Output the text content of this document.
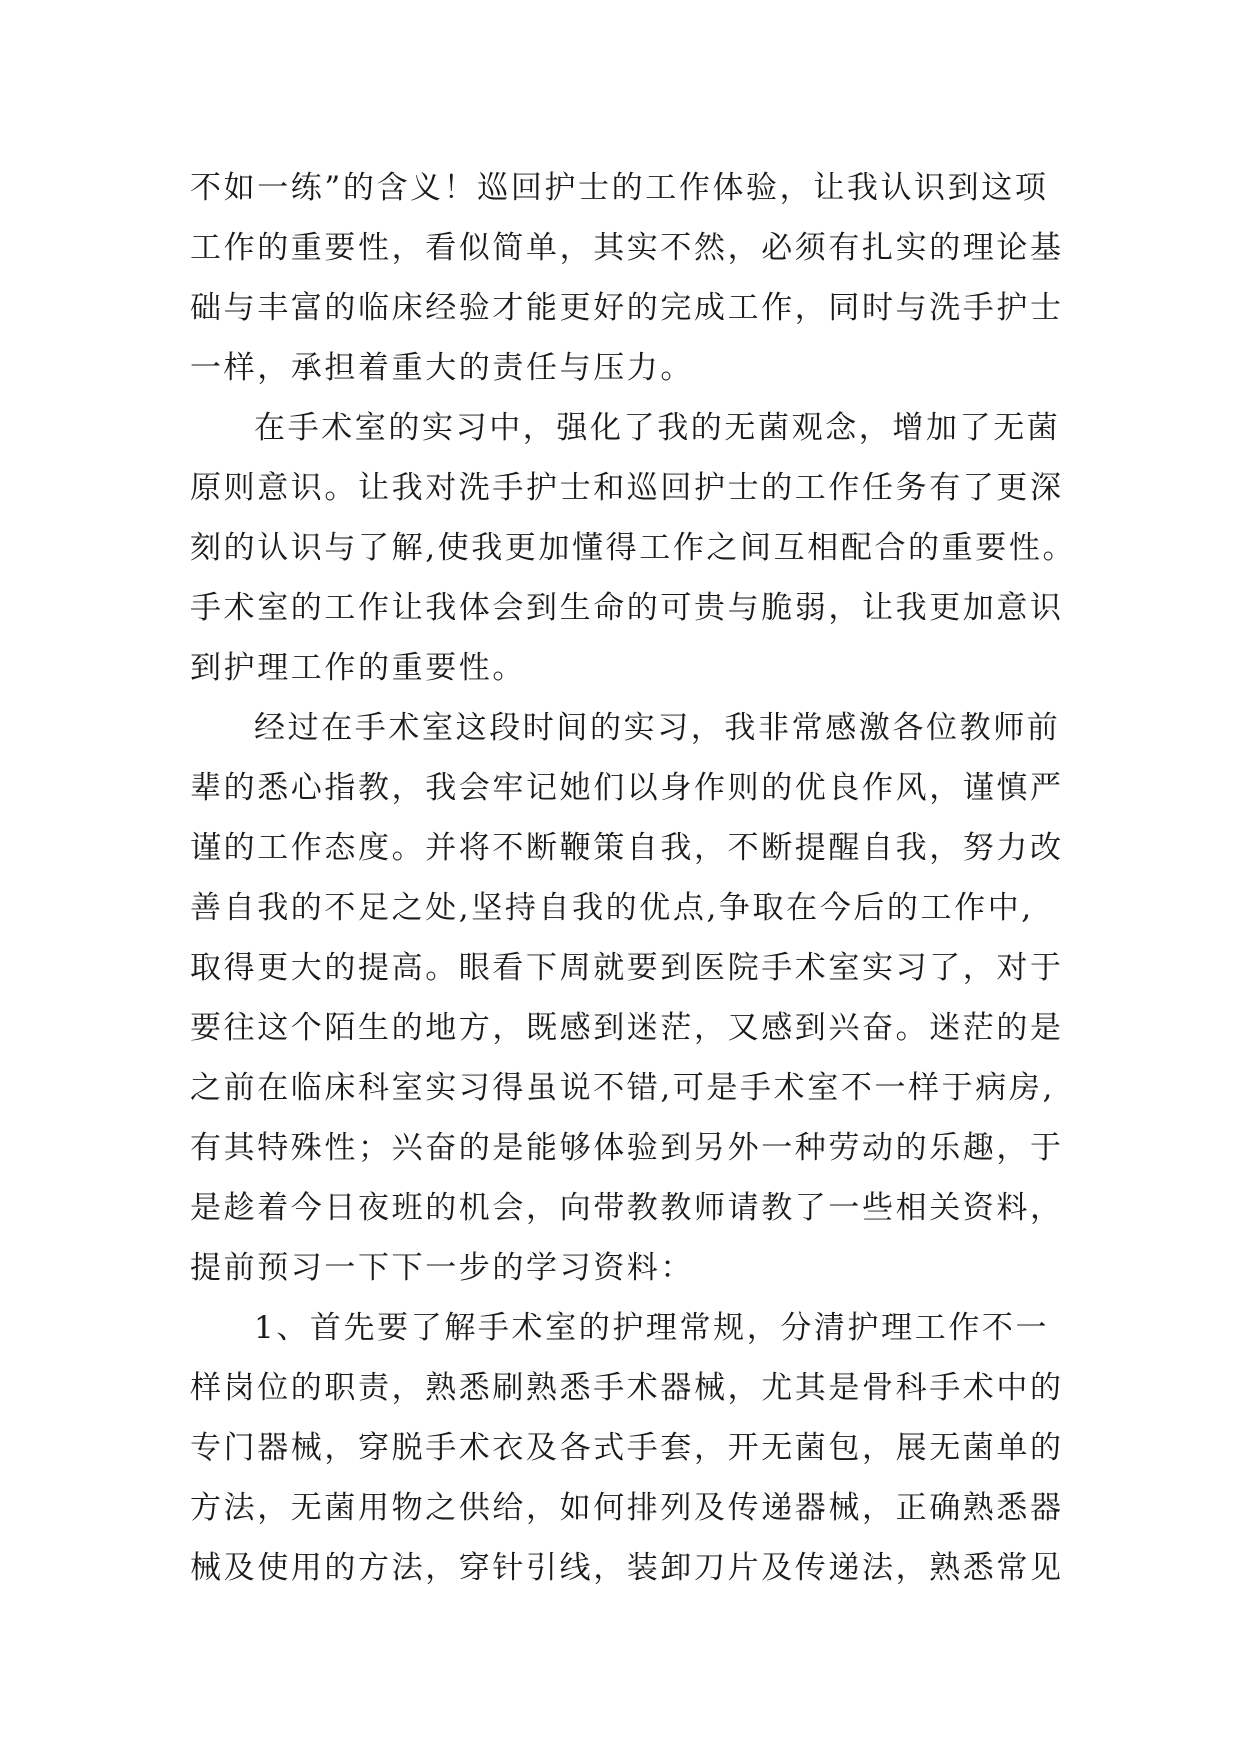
不如一练”的含义！巡回护士的工作体验，让我认识到这项
工作的重要性，看似简单，其实不然，必须有扎实的理论基
础与丰富的临床经验才能更好的完成工作，同时与洗手护士
一样，承担着重大的责任与压力。
在手术室的实习中，强化了我的无菌观念，增加了无菌
原则意识。让我对洗手护士和巡回护士的工作任务有了更深
刻的认识与了解,使我更加懂得工作之间互相配合的重要性。
手术室的工作让我体会到生命的可贵与脆弱，让我更加意识
到护理工作的重要性。
经过在手术室这段时间的实习，我非常感激各位教师前
辈的悉心指教，我会牢记她们以身作则的优良作风，谨慎严
谨的工作态度。并将不断鞭策自我，不断提醒自我，努力改
善自我的不足之处,坚持自我的优点,争取在今后的工作中,
取得更大的提高。眼看下周就要到医院手术室实习了，对于
要往这个陌生的地方，既感到迷茫，又感到兴奋。迷茫的是
之前在临床科室实习得虽说不错,可是手术室不一样于病房,
有其特殊性；兴奋的是能够体验到另外一种劳动的乐趣，于
是趁着今日夜班的机会，向带教教师请教了一些相关资料，
提前预习一下下一步的学习资料：
1、首先要了解手术室的护理常规，分清护理工作不一
样岗位的职责，熟悉刷熟悉手术器械，尤其是骨科手术中的
专门器械，穿脱手术衣及各式手套，开无菌包，展无菌单的
方法，无菌用物之供给，如何排列及传递器械，正确熟悉器
械及使用的方法，穿针引线，装卸刀片及传递法，熟悉常见
